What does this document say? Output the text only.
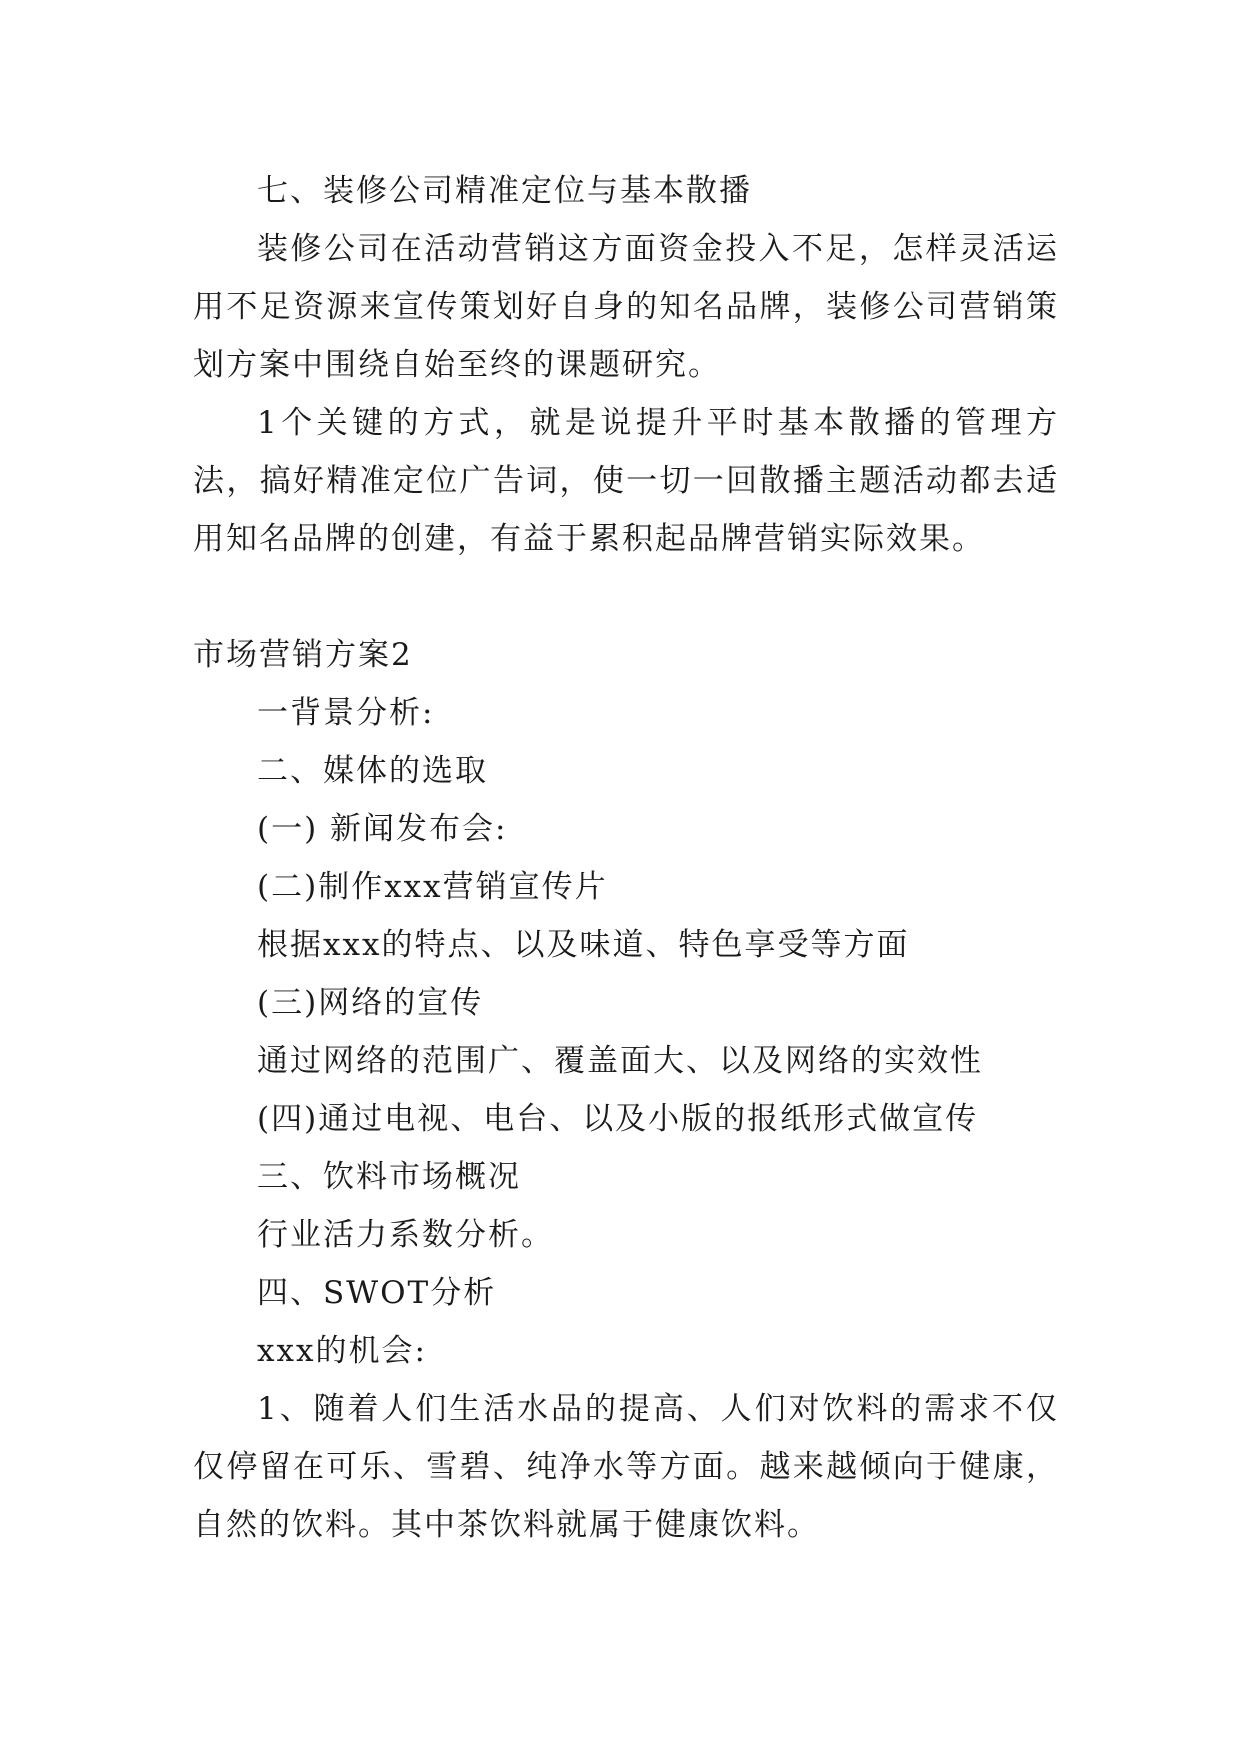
七、装修公司精准定位与基本散播

装修公司在活动营销这方面资金投入不足，怎样灵活运用不足资源来宣传策划好自身的知名品牌，装修公司营销策划方案中围绕自始至终的课题研究。

1个关键的方式，就是说提升平时基本散播的管理方法，搞好精准定位广告词，使一切一回散播主题活动都去适用知名品牌的创建，有益于累积起品牌营销实际效果。

市场营销方案2

一背景分析:

二、媒体的选取

(一) 新闻发布会:

(二)制作xxx营销宣传片

根据xxx的特点、以及味道、特色享受等方面

(三)网络的宣传

通过网络的范围广、覆盖面大、以及网络的实效性

(四)通过电视、电台、以及小版的报纸形式做宣传

三、饮料市场概况

行业活力系数分析。

四、SWOT分析

xxx的机会:

1、随着人们生活水品的提高、人们对饮料的需求不仅仅停留在可乐、雪碧、纯净水等方面。越来越倾向于健康，自然的饮料。其中茶饮料就属于健康饮料。
